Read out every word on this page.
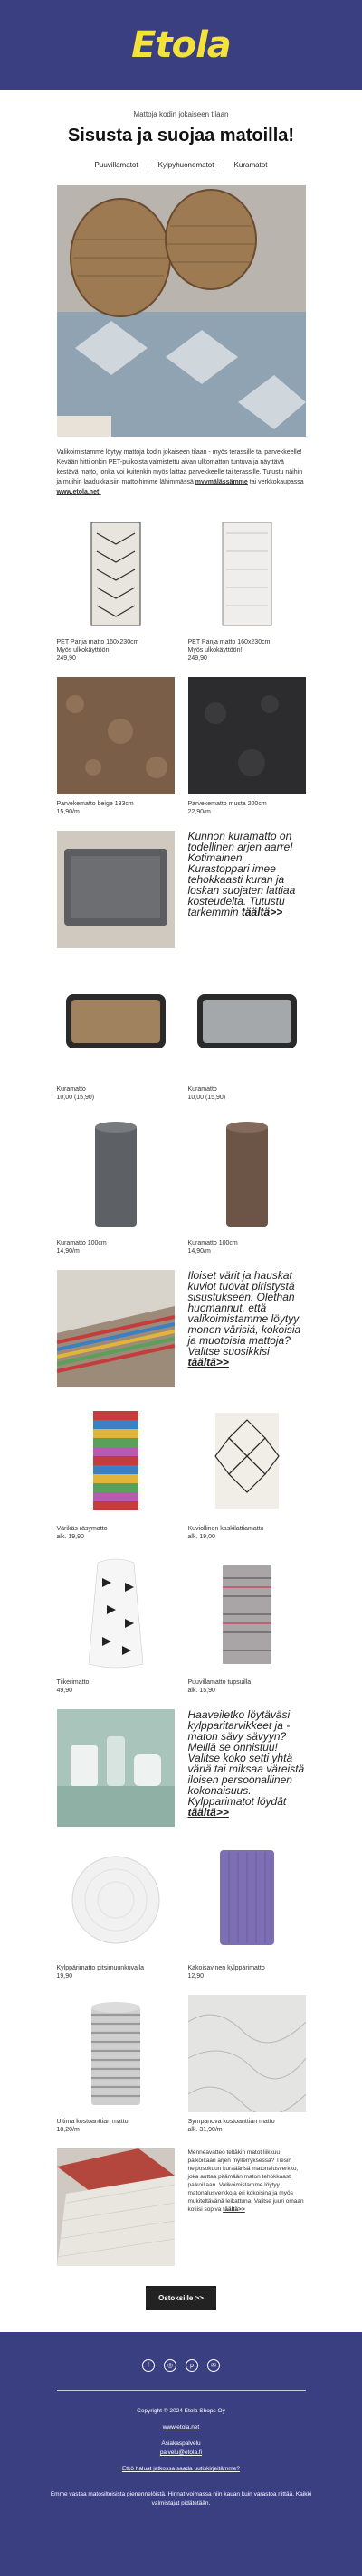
Etola
Mattoja kodin jokaiseen tilaan
Sisusta ja suojaa matoilla!
Puuvillamatot | Kylpyhuonematot | Kuramatot
Valikoimistamme löytyy mattoja kodin jokaiseen tilaan - myös terassille tai parvekkeelle! Kevään hitti onkin PET-puikoista valmistettu aivan ulkomatton tuntuva ja näyttävä kestävä matto, jonka voi kuitenkin myös laittaa parvekkeelle tai terassille. Tutustu näihin ja muihin laadukkaisiin mattoihimme lähimmässä myymälässämme tai verkkokaupassa www.etola.net!
PET Panja matto 160x230cm
Myös ulkokäyttöön!
249,90
PET Panja matto 160x230cm
Myös ulkokäyttöön!
249,90
Parvekematto beige 133cm
15,90/m
Parvekematto musta 200cm
22,90/m
Kunnon kuramatto on todellinen arjen aarre! Kotimainen Kurastoppari imee tehokkaasti kuran ja loskan suojaten lattiaa kosteudelta. Tutustu tarkemmin täältä>>
Kuramatto
10,00 (15,90)
Kuramatto
10,00 (15,90)
Kuramatto 100cm
14,90/m
Kuramatto 100cm
14,90/m
Iloiset värit ja hauskat kuviot tuovat piristystä sisustukseen. Olethan huomannut, että valikoimistamme löytyy monen värisiä, kokoisia ja muotoisia mattoja? Valitse suosikkisi täältä>>
Värikäs räsymatto
alk. 19,90
Kuviollinen kaskilattiamatto
alk. 19,00
Tiikerimatto
49,90
Puuvillamatto tupsuilla
alk. 15,90
Haaveiletko löytäväsi kylpparitarvikkeet ja -maton sävy sävyyn? Meillä se onnistuu! Valitse koko setti yhtä väriä tai miksaa väreistä iloisen persoonallinen kokonaisuus. Kylpparimatot löydät täältä>>
Kylppärimatto pitsimuunkuvalla
19,90
Kakoisavinen kylppärimatto
12,90
Ultima kostoanttian matto
18,20/m
Sympanova kostoanttian matto
alk. 31,90/m
Menneavatteo teltäkin matot liikkuu paikoiltaan arjen myllerryksessä? Tiesin helposokuun kuraäärisä matonalusverkko, joka auttaa pitämään maton tehokkaasti paikoillaan. Valikoimistamme löytyy matonalusverkkoja eri kokoisina ja myös mukiteltävänä leikattuna. Valitse juuri omaan kotiisi sopiva täältä>>
Ostoksille >>
f	◎	p	✉
Copyright © 2024 Etola Shops Oy
www.etola.net
Asiakaspalvelu
palvelu@etola.fi
Etkö haluat jatkossa saada uutiskirjeitämme?
Emme vastaa matosiltoisista pienennelöistä. Hinnat voimassa niin kauan kuin varastoa riittää. Kaikki valmistajat pidätetään.
